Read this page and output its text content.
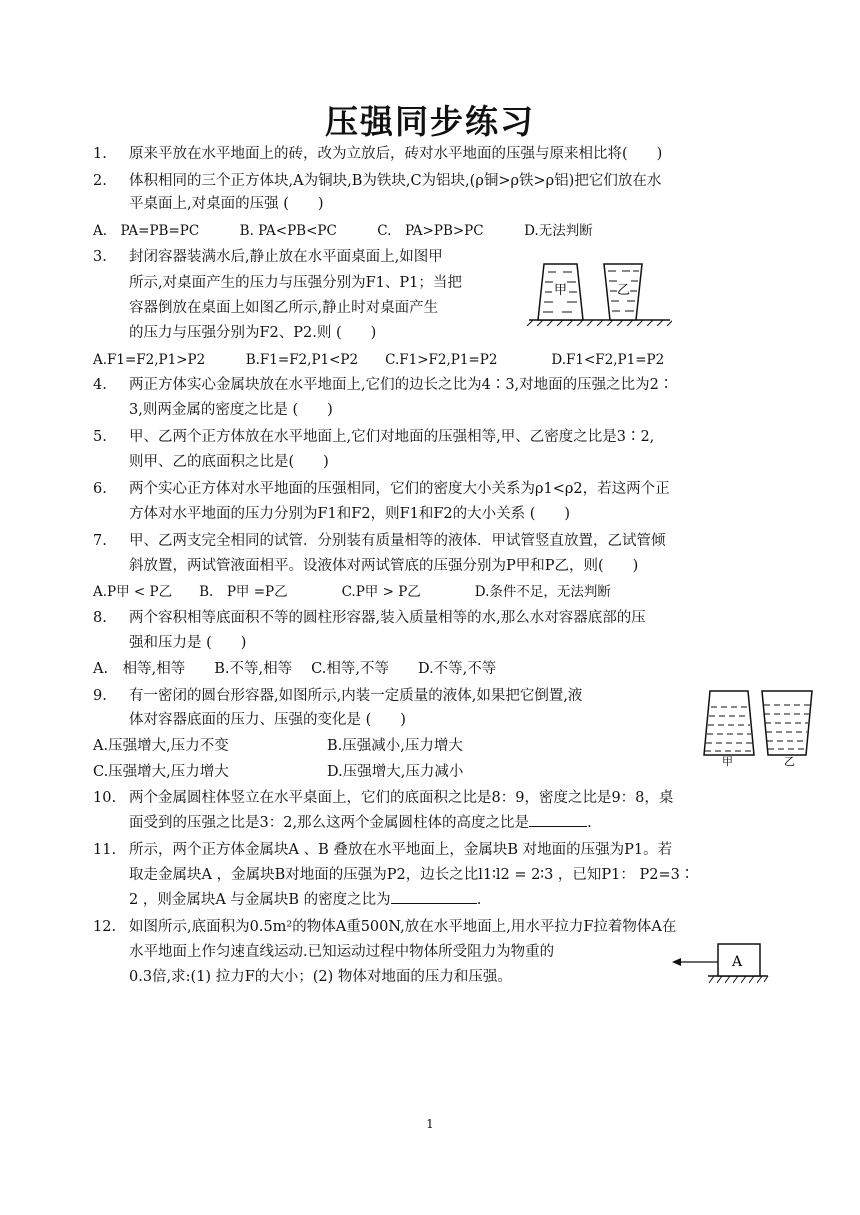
压强同步练习
1. 原来平放在水平地面上的砖，改为立放后，砖对水平地面的压强与原来相比将(　　)
2. 体积相同的三个正方体块,A为铜块,B为铁块,C为铝块,(ρ铜>ρ铁>ρ铝)把它们放在水
平桌面上,对桌面的压强 (　　)
A.　PA=PB=PC　　　B. PA<PB<PC　　　C.　PA>PB>PC　　　D.无法判断
3. 封闭容器装满水后,静止放在水平面桌面上,如图甲
所示,对桌面产生的压力与压强分别为F1、P1；当把
容器倒放在桌面上如图乙所示,静止时对桌面产生
的压力与压强分别为F2、P2.则 (　　)
A.F1=F2,P1>P2　　　B.F1=F2,P1<P2　　C.F1>F2,P1=P2　　　　D.F1<F2,P1=P2
甲	乙
4. 两正方体实心金属块放在水平地面上,它们的边长之比为4∶3,对地面的压强之比为2∶
3,则两金属的密度之比是 (　　)
5. 甲、乙两个正方体放在水平地面上,它们对地面的压强相等,甲、乙密度之比是3∶2,
则甲、乙的底面积之比是(　　)
6. 两个实心正方体对水平地面的压强相同，它们的密度大小关系为ρ1<ρ2，若这两个正
方体对水平地面的压力分别为F1和F2，则F1和F2的大小关系 (　　)
7. 甲、乙两支完全相同的试管．分别装有质量相等的液体．甲试管竖直放置，乙试管倾
斜放置，两试管液面相平。设液体对两试管底的压强分别为P甲和P乙，则(　　)
A.P甲 < P乙　　B.　P甲 =P乙　　　　C.P甲 > P乙　　　　D.条件不足，无法判断
8. 两个容积相等底面积不等的圆柱形容器,装入质量相等的水,那么水对容器底部的压
强和压力是 (　　)
A.　相等,相等　　B.不等,相等　 C.相等,不等　　D.不等,不等
9. 有一密闭的圆台形容器,如图所示,内装一定质量的液体,如果把它倒置,液
体对容器底面的压力、压强的变化是 (　　)
A.压强增大,压力不变	B.压强减小,压力增大
C.压强增大,压力增大	D.压强增大,压力减小
甲	乙
10. 两个金属圆柱体竖立在水平桌面上，它们的底面积之比是8：9，密度之比是9：8，桌
面受到的压强之比是3：2,那么这两个金属圆柱体的高度之比是	.
11. 所示，两个正方体金属块A 、B 叠放在水平地面上，金属块B 对地面的压强为P1。若
取走金属块A ，金属块B对地面的压强为P2，边长之比l1∶l2 = 2∶3 ，已知P1： P2=3∶
2 ，则金属块A 与金属块B 的密度之比为	.
12. 如图所示,底面积为0.5m²的物体A重500N,放在水平地面上,用水平拉力F拉着物体A在
水平地面上作匀速直线运动.已知运动过程中物体所受阻力为物重的
0.3倍,求:(1) 拉力F的大小；(2) 物体对地面的压力和压强。
A
1
